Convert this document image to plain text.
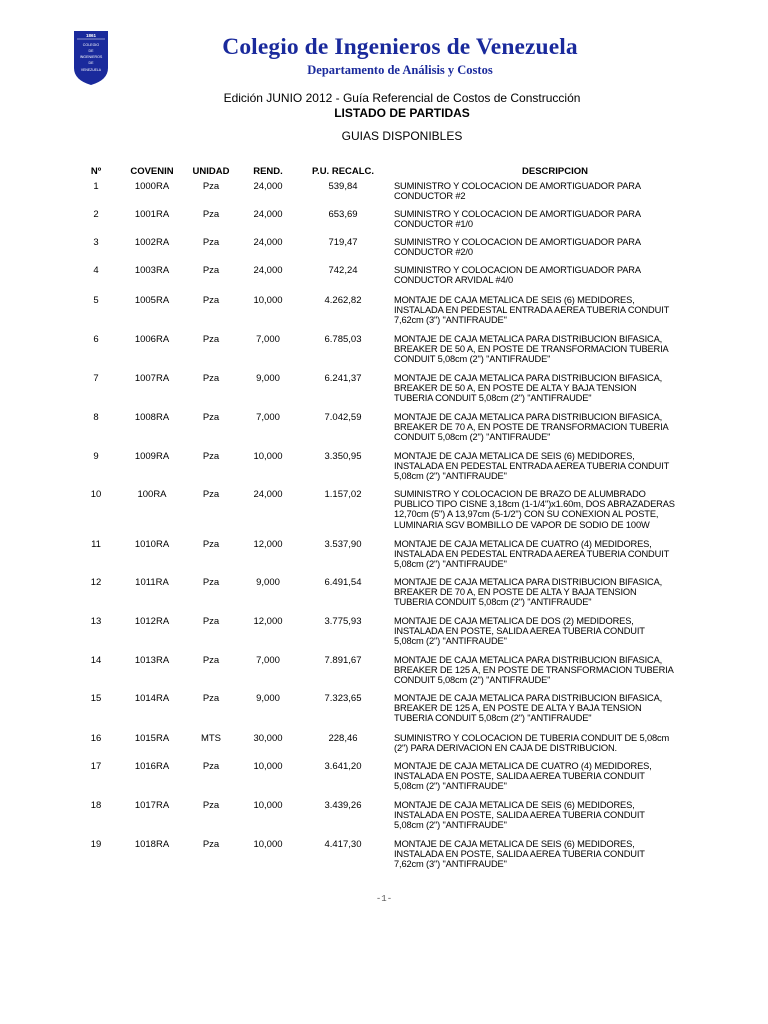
1861
COLEGIO
DE
INGENIEROS
DE
VENEZUELA
Colegio de Ingenieros de Venezuela
Departamento de Análisis y Costos
Edición JUNIO 2012 - Guía Referencial de Costos de Construcción
LISTADO DE PARTIDAS
GUIAS DISPONIBLES
Nº	COVENIN	UNIDAD	REND.	P.U. RECALC.	DESCRIPCION
1	1000RA	Pza	24,000	539,84	SUMINISTRO Y COLOCACION DE AMORTIGUADOR PARA
CONDUCTOR #2
2	1001RA	Pza	24,000	653,69	SUMINISTRO Y COLOCACION DE AMORTIGUADOR PARA
CONDUCTOR #1/0
3	1002RA	Pza	24,000	719,47	SUMINISTRO Y COLOCACION DE AMORTIGUADOR PARA
CONDUCTOR #2/0
4	1003RA	Pza	24,000	742,24	SUMINISTRO Y COLOCACION DE AMORTIGUADOR PARA
CONDUCTOR ARVIDAL #4/0
5	1005RA	Pza	10,000	4.262,82	MONTAJE DE CAJA METALICA DE SEIS (6) MEDIDORES,
INSTALADA EN PEDESTAL ENTRADA AEREA TUBERIA CONDUIT
7,62cm (3") "ANTIFRAUDE"
6	1006RA	Pza	7,000	6.785,03	MONTAJE DE CAJA METALICA PARA DISTRIBUCION BIFASICA,
BREAKER DE 50 A, EN POSTE DE TRANSFORMACION TUBERIA
CONDUIT 5,08cm (2") "ANTIFRAUDE"
7	1007RA	Pza	9,000	6.241,37	MONTAJE DE CAJA METALICA PARA DISTRIBUCION BIFASICA,
BREAKER DE 50 A, EN POSTE DE ALTA Y BAJA TENSION
TUBERIA CONDUIT 5,08cm (2") "ANTIFRAUDE"
8	1008RA	Pza	7,000	7.042,59	MONTAJE DE CAJA METALICA PARA DISTRIBUCION BIFASICA,
BREAKER DE 70 A, EN POSTE DE TRANSFORMACION TUBERIA
CONDUIT 5,08cm (2") "ANTIFRAUDE"
9	1009RA	Pza	10,000	3.350,95	MONTAJE DE CAJA METALICA DE SEIS (6) MEDIDORES,
INSTALADA EN PEDESTAL ENTRADA AEREA TUBERIA CONDUIT
5,08cm (2") "ANTIFRAUDE"
10	100RA	Pza	24,000	1.157,02	SUMINISTRO Y COLOCACION DE BRAZO DE ALUMBRADO
PUBLICO TIPO CISNE 3,18cm (1-1/4")x1.60m, DOS ABRAZADERAS
12,70cm (5") A 13,97cm (5-1/2") CON SU CONEXION AL POSTE,
LUMINARIA SGV BOMBILLO DE VAPOR DE SODIO DE 100W
11	1010RA	Pza	12,000	3.537,90	MONTAJE DE CAJA METALICA DE CUATRO (4) MEDIDORES,
INSTALADA EN PEDESTAL ENTRADA AEREA TUBERIA CONDUIT
5,08cm (2") "ANTIFRAUDE"
12	1011RA	Pza	9,000	6.491,54	MONTAJE DE CAJA METALICA PARA DISTRIBUCION BIFASICA,
BREAKER DE 70 A, EN POSTE DE ALTA Y BAJA TENSION
TUBERIA CONDUIT 5,08cm (2") "ANTIFRAUDE"
13	1012RA	Pza	12,000	3.775,93	MONTAJE DE CAJA METALICA DE DOS (2) MEDIDORES,
INSTALADA EN POSTE, SALIDA AEREA TUBERIA CONDUIT
5,08cm (2") "ANTIFRAUDE"
14	1013RA	Pza	7,000	7.891,67	MONTAJE DE CAJA METALICA PARA DISTRIBUCION BIFASICA,
BREAKER DE 125 A, EN POSTE DE TRANSFORMACION TUBERIA
CONDUIT 5,08cm (2") "ANTIFRAUDE"
15	1014RA	Pza	9,000	7.323,65	MONTAJE DE CAJA METALICA PARA DISTRIBUCION BIFASICA,
BREAKER DE 125 A, EN POSTE DE ALTA Y BAJA TENSION
TUBERIA CONDUIT 5,08cm (2") "ANTIFRAUDE"
16	1015RA	MTS	30,000	228,46	SUMINISTRO Y COLOCACION DE TUBERIA CONDUIT DE 5,08cm
(2") PARA DERIVACION EN CAJA DE DISTRIBUCION.
17	1016RA	Pza	10,000	3.641,20	MONTAJE DE CAJA METALICA DE CUATRO (4) MEDIDORES,
INSTALADA EN POSTE, SALIDA AEREA TUBERIA CONDUIT
5,08cm (2") "ANTIFRAUDE"
18	1017RA	Pza	10,000	3.439,26	MONTAJE DE CAJA METALICA DE SEIS (6) MEDIDORES,
INSTALADA EN POSTE, SALIDA AEREA TUBERIA CONDUIT
5,08cm (2") "ANTIFRAUDE"
19	1018RA	Pza	10,000	4.417,30	MONTAJE DE CAJA METALICA DE SEIS (6) MEDIDORES,
INSTALADA EN POSTE, SALIDA AEREA TUBERIA CONDUIT
7,62cm (3") "ANTIFRAUDE"
-1-
